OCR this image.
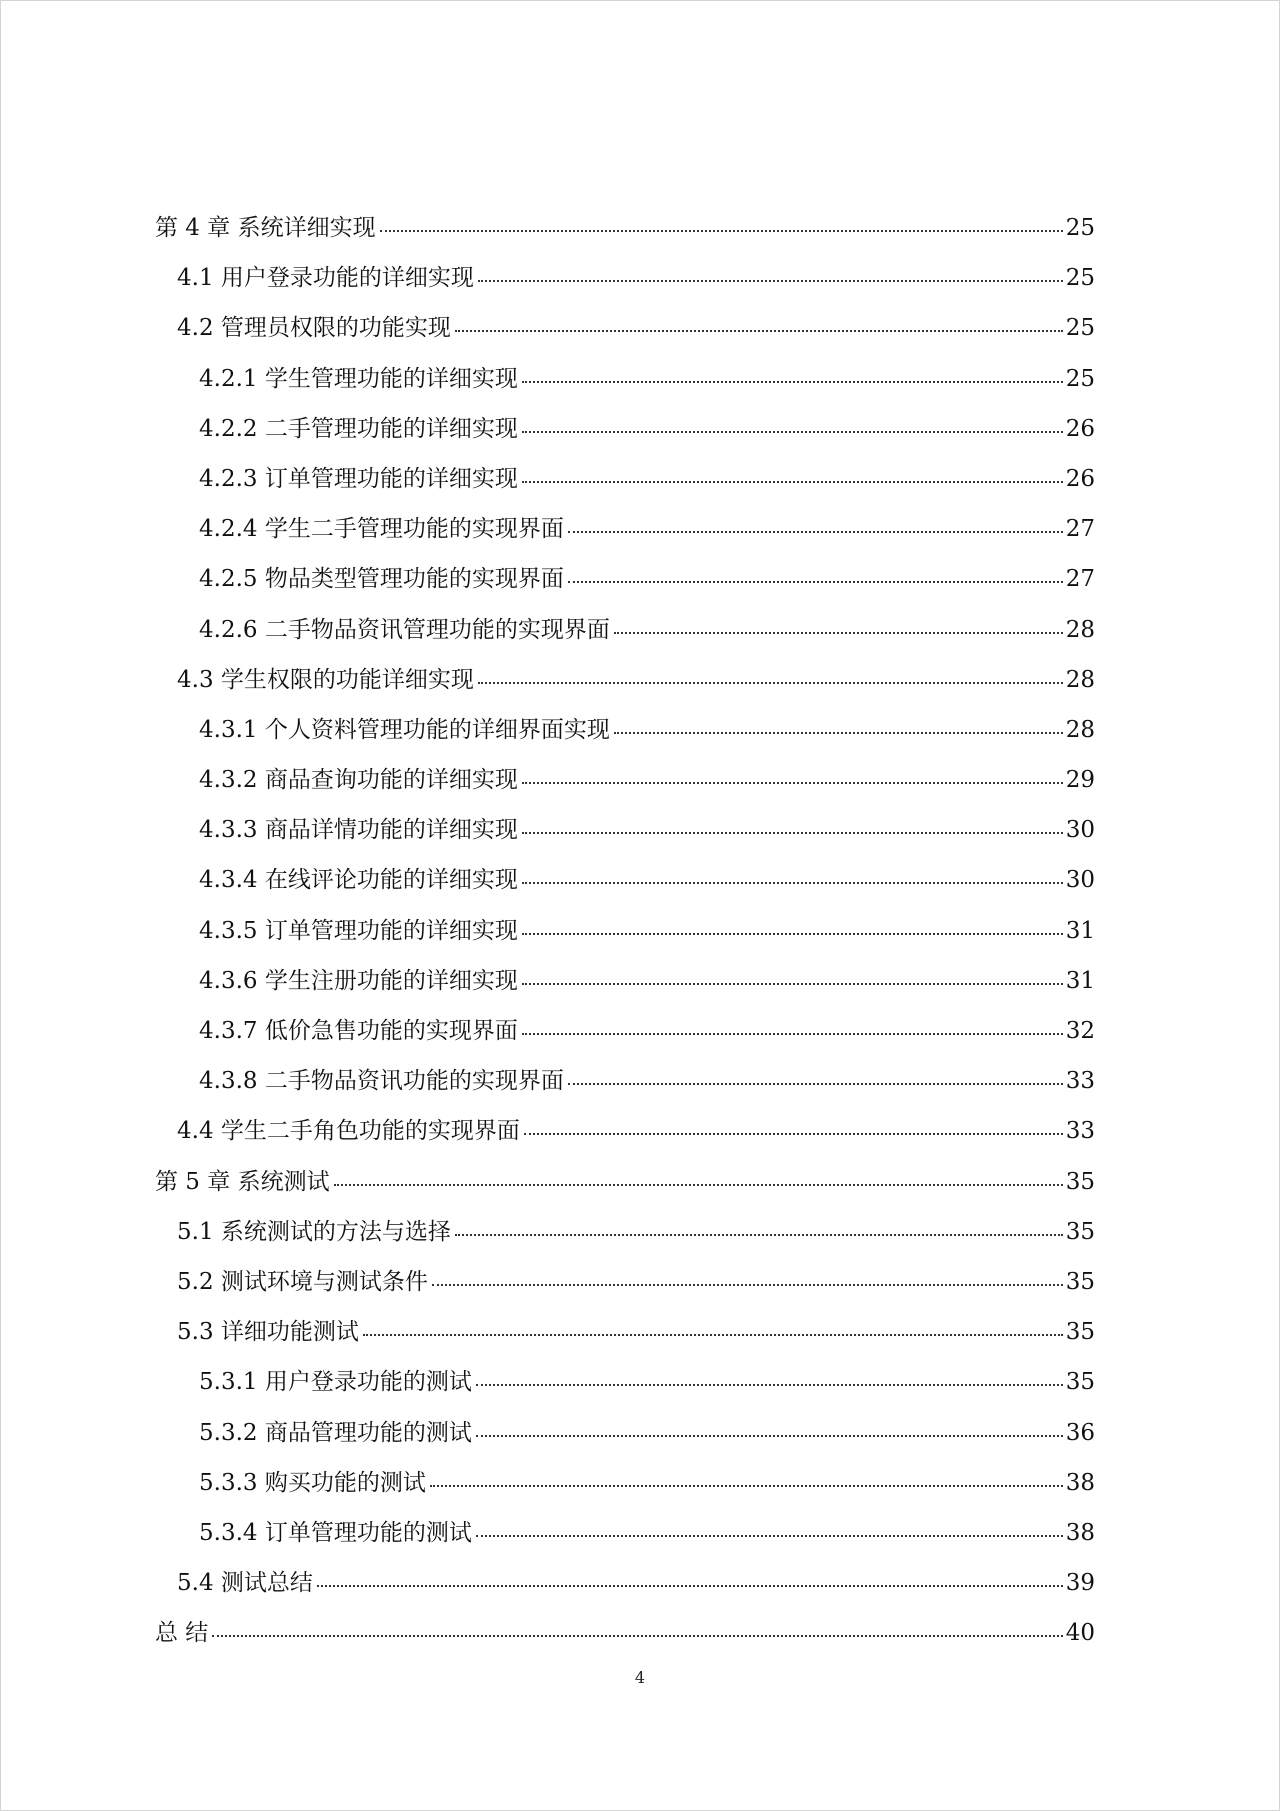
第 4 章 系统详细实现	25
4.1 用户登录功能的详细实现	25
4.2 管理员权限的功能实现	25
4.2.1 学生管理功能的详细实现	25
4.2.2 二手管理功能的详细实现	26
4.2.3 订单管理功能的详细实现	26
4.2.4 学生二手管理功能的实现界面	27
4.2.5 物品类型管理功能的实现界面	27
4.2.6 二手物品资讯管理功能的实现界面	28
4.3 学生权限的功能详细实现	28
4.3.1 个人资料管理功能的详细界面实现	28
4.3.2 商品查询功能的详细实现	29
4.3.3 商品详情功能的详细实现	30
4.3.4 在线评论功能的详细实现	30
4.3.5 订单管理功能的详细实现	31
4.3.6 学生注册功能的详细实现	31
4.3.7 低价急售功能的实现界面	32
4.3.8 二手物品资讯功能的实现界面	33
4.4 学生二手角色功能的实现界面	33
第 5 章 系统测试	35
5.1 系统测试的方法与选择	35
5.2 测试环境与测试条件	35
5.3 详细功能测试	35
5.3.1 用户登录功能的测试	35
5.3.2 商品管理功能的测试	36
5.3.3 购买功能的测试	38
5.3.4 订单管理功能的测试	38
5.4 测试总结	39
总 结	40
4
